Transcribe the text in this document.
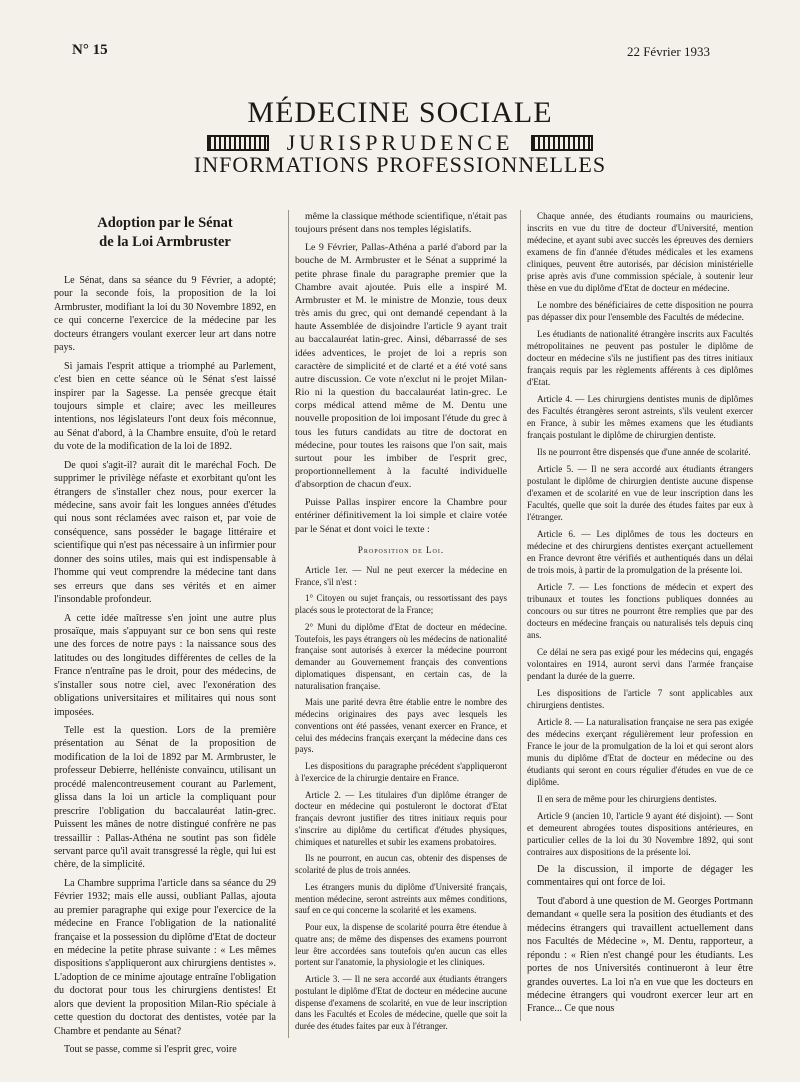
N° 15	22 Février 1933
MÉDECINE SOCIALE
JURISPRUDENCE
INFORMATIONS PROFESSIONNELLES
Adoption par le Sénat
de la Loi Armbruster

Le Sénat, dans sa séance du 9 Février, a adopté; pour la seconde fois, la proposition de la loi Armbruster, modifiant la loi du 30 Novembre 1892, en ce qui concerne l'exercice de la médecine par les docteurs étrangers voulant exercer leur art dans notre pays.

Si jamais l'esprit attique a triomphé au Parlement, c'est bien en cette séance où le Sénat s'est laissé inspirer par la Sagesse. La pensée grecque était toujours simple et claire; avec les meilleures intentions, nos législateurs l'ont deux fois méconnue, au Sénat d'abord, à la Chambre ensuite, d'où le retard du vote de la modification de la loi de 1892.

De quoi s'agit-il? aurait dit le maréchal Foch. De supprimer le privilège néfaste et exorbitant qu'ont les étrangers de s'installer chez nous, pour exercer la médecine, sans avoir fait les longues années d'études qui nous sont réclamées avec raison et, par voie de conséquence, sans posséder le bagage littéraire et scientifique qui n'est pas nécessaire à un infirmier pour donner des soins utiles, mais qui est indispensable à l'homme qui veut comprendre la médecine tant dans ses erreurs que dans ses vérités et en aimer l'insondable profondeur.

A cette idée maîtresse s'en joint une autre plus prosaïque, mais s'appuyant sur ce bon sens qui reste une des forces de notre pays : la naissance sous des latitudes ou des longitudes différentes de celles de la France n'entraîne pas le droit, pour des médecins, de s'installer sous notre ciel, avec l'exonération des obligations universitaires et militaires qui nous sont imposées.

Telle est la question. Lors de la première présentation au Sénat de la proposition de modification de la loi de 1892 par M. Armbruster, le professeur Debierre, helléniste convaincu, utilisant un procédé malencontreusement courant au Parlement, glissa dans la loi un article la compliquant pour prescrire l'obligation du baccalauréat latin-grec. Puissent les mânes de notre distingué confrère ne pas tressaillir : Pallas-Athéna ne soutint pas son fidèle servant parce qu'il avait transgressé la règle, qui lui est chère, de la simplicité.

La Chambre supprima l'article dans sa séance du 29 Février 1932; mais elle aussi, oubliant Pallas, ajouta au premier paragraphe qui exige pour l'exercice de la médecine en France l'obligation de la nationalité française et la possession du diplôme d'Etat de docteur en médecine la petite phrase suivante : « Les mêmes dispositions s'appliqueront aux chirurgiens dentistes ». L'adoption de ce minime ajoutage entraîne l'obligation du doctorat pour tous les chirurgiens dentistes! Et alors que devient la proposition Milan-Rio spéciale à cette question du doctorat des dentistes, votée par la Chambre et pendante au Sénat?

Tout se passe, comme si l'esprit grec, voire

même la classique méthode scientifique, n'était pas toujours présent dans nos temples législatifs.

Le 9 Février, Pallas-Athéna a parlé d'abord par la bouche de M. Armbruster et le Sénat a supprimé la petite phrase finale du paragraphe premier que la Chambre avait ajoutée. Puis elle a inspiré M. Armbruster et M. le ministre de Monzie, tous deux très amis du grec, qui ont demandé cependant à la haute Assemblée de disjoindre l'article 9 ayant trait au baccalauréat latin-grec. Ainsi, débarrassé de ses idées adventices, le projet de loi a repris son caractère de simplicité et de clarté et a été voté sans autre discussion. Ce vote n'exclut ni le projet Milan-Rio ni la question du baccalauréat latin-grec. Le corps médical attend même de M. Dentu une nouvelle proposition de loi imposant l'étude du grec à tous les futurs candidats au titre de doctorat en médecine, pour toutes les raisons que l'on sait, mais surtout pour les imbiber de l'esprit grec, proportionnellement à la faculté individuelle d'absorption de chacun d'eux.

Puisse Pallas inspirer encore la Chambre pour entériner définitivement la loi simple et claire votée par le Sénat et dont voici le texte :

Proposition de Loi.

Article 1er. — Nul ne peut exercer la médecine en France, s'il n'est :

1° Citoyen ou sujet français, ou ressortissant des pays placés sous le protectorat de la France;

2° Muni du diplôme d'Etat de docteur en médecine. Toutefois, les pays étrangers où les médecins de nationalité française sont autorisés à exercer la médecine pourront demander au Gouvernement français des conventions diplomatiques dispensant, en certain cas, de la naturalisation française.

Mais une parité devra être établie entre le nombre des médecins originaires des pays avec lesquels les conventions ont été passées, venant exercer en France, et celui des médecins français exerçant la médecine dans ces pays.

Les dispositions du paragraphe précédent s'appliqueront à l'exercice de la chirurgie dentaire en France.

Article 2. — Les titulaires d'un diplôme étranger de docteur en médecine qui postuleront le doctorat d'Etat français devront justifier des titres initiaux requis pour s'inscrire au diplôme du certificat d'études physiques, chimiques et naturelles et subir les examens probatoires.

Ils ne pourront, en aucun cas, obtenir des dispenses de scolarité de plus de trois années.

Les étrangers munis du diplôme d'Université français, mention médecine, seront astreints aux mêmes conditions, sauf en ce qui concerne la scolarité et les examens.

Pour eux, la dispense de scolarité pourra être étendue à quatre ans; de même des dispenses des examens pourront leur être accordées sans toutefois qu'en aucun cas elles portent sur l'anatomie, la physiologie et les cliniques.

Article 3. — Il ne sera accordé aux étudiants étrangers postulant le diplôme d'Etat de docteur en médecine aucune dispense d'examens de scolarité, en vue de leur inscription dans les Facultés et Ecoles de médecine, quelle que soit la durée des études faites par eux à l'étranger.

Chaque année, des étudiants roumains ou mauriciens, inscrits en vue du titre de docteur d'Université, mention médecine, et ayant subi avec succès les épreuves des derniers examens de fin d'année d'études médicales et les examens cliniques, peuvent être autorisés, par décision ministérielle prise après avis d'une commission spéciale, à soutenir leur thèse en vue du diplôme d'Etat de docteur en médecine.

Le nombre des bénéficiaires de cette disposition ne pourra pas dépasser dix pour l'ensemble des Facultés de médecine.

Les étudiants de nationalité étrangère inscrits aux Facultés métropolitaines ne peuvent pas postuler le diplôme de docteur en médecine s'ils ne justifient pas des titres initiaux français requis par les règlements afférents à ces diplômes d'Etat.

Article 4. — Les chirurgiens dentistes munis de diplômes des Facultés étrangères seront astreints, s'ils veulent exercer en France, à subir les mêmes examens que les étudiants français postulant le diplôme de chirurgien dentiste.

Ils ne pourront être dispensés que d'une année de scolarité.

Article 5. — Il ne sera accordé aux étudiants étrangers postulant le diplôme de chirurgien dentiste aucune dispense d'examen et de scolarité en vue de leur inscription dans les Facultés, quelle que soit la durée des études faites par eux à l'étranger.

Article 6. — Les diplômes de tous les docteurs en médecine et des chirurgiens dentistes exerçant actuellement en France devront être vérifiés et authentiqués dans un délai de trois mois, à partir de la promulgation de la présente loi.

Article 7. — Les fonctions de médecin et expert des tribunaux et toutes les fonctions publiques données au concours ou sur titres ne pourront être remplies que par des docteurs en médecine français ou naturalisés tels depuis cinq ans.

Ce délai ne sera pas exigé pour les médecins qui, engagés volontaires en 1914, auront servi dans l'armée française pendant la durée de la guerre.

Les dispositions de l'article 7 sont applicables aux chirurgiens dentistes.

Article 8. — La naturalisation française ne sera pas exigée des médecins exerçant régulièrement leur profession en France le jour de la promulgation de la loi et qui seront alors munis du diplôme d'Etat de docteur en médecine ou des étudiants qui seront en cours régulier d'études en vue de ce diplôme.

Il en sera de même pour les chirurgiens dentistes.

Article 9 (ancien 10, l'article 9 ayant été disjoint). — Sont et demeurent abrogées toutes dispositions antérieures, en particulier celles de la loi du 30 Novembre 1892, qui sont contraires aux dispositions de la présente loi.

De la discussion, il importe de dégager les commentaires qui ont force de loi.

Tout d'abord à une question de M. Georges Portmann demandant « quelle sera la position des étudiants et des médecins étrangers qui travaillent actuellement dans nos Facultés de Médecine », M. Dentu, rapporteur, a répondu : « Rien n'est changé pour les étudiants. Les portes de nos Universités continueront à leur être grandes ouvertes. La loi n'a en vue que les docteurs en médecine étrangers qui voudront exercer leur art en France... Ce que nous
